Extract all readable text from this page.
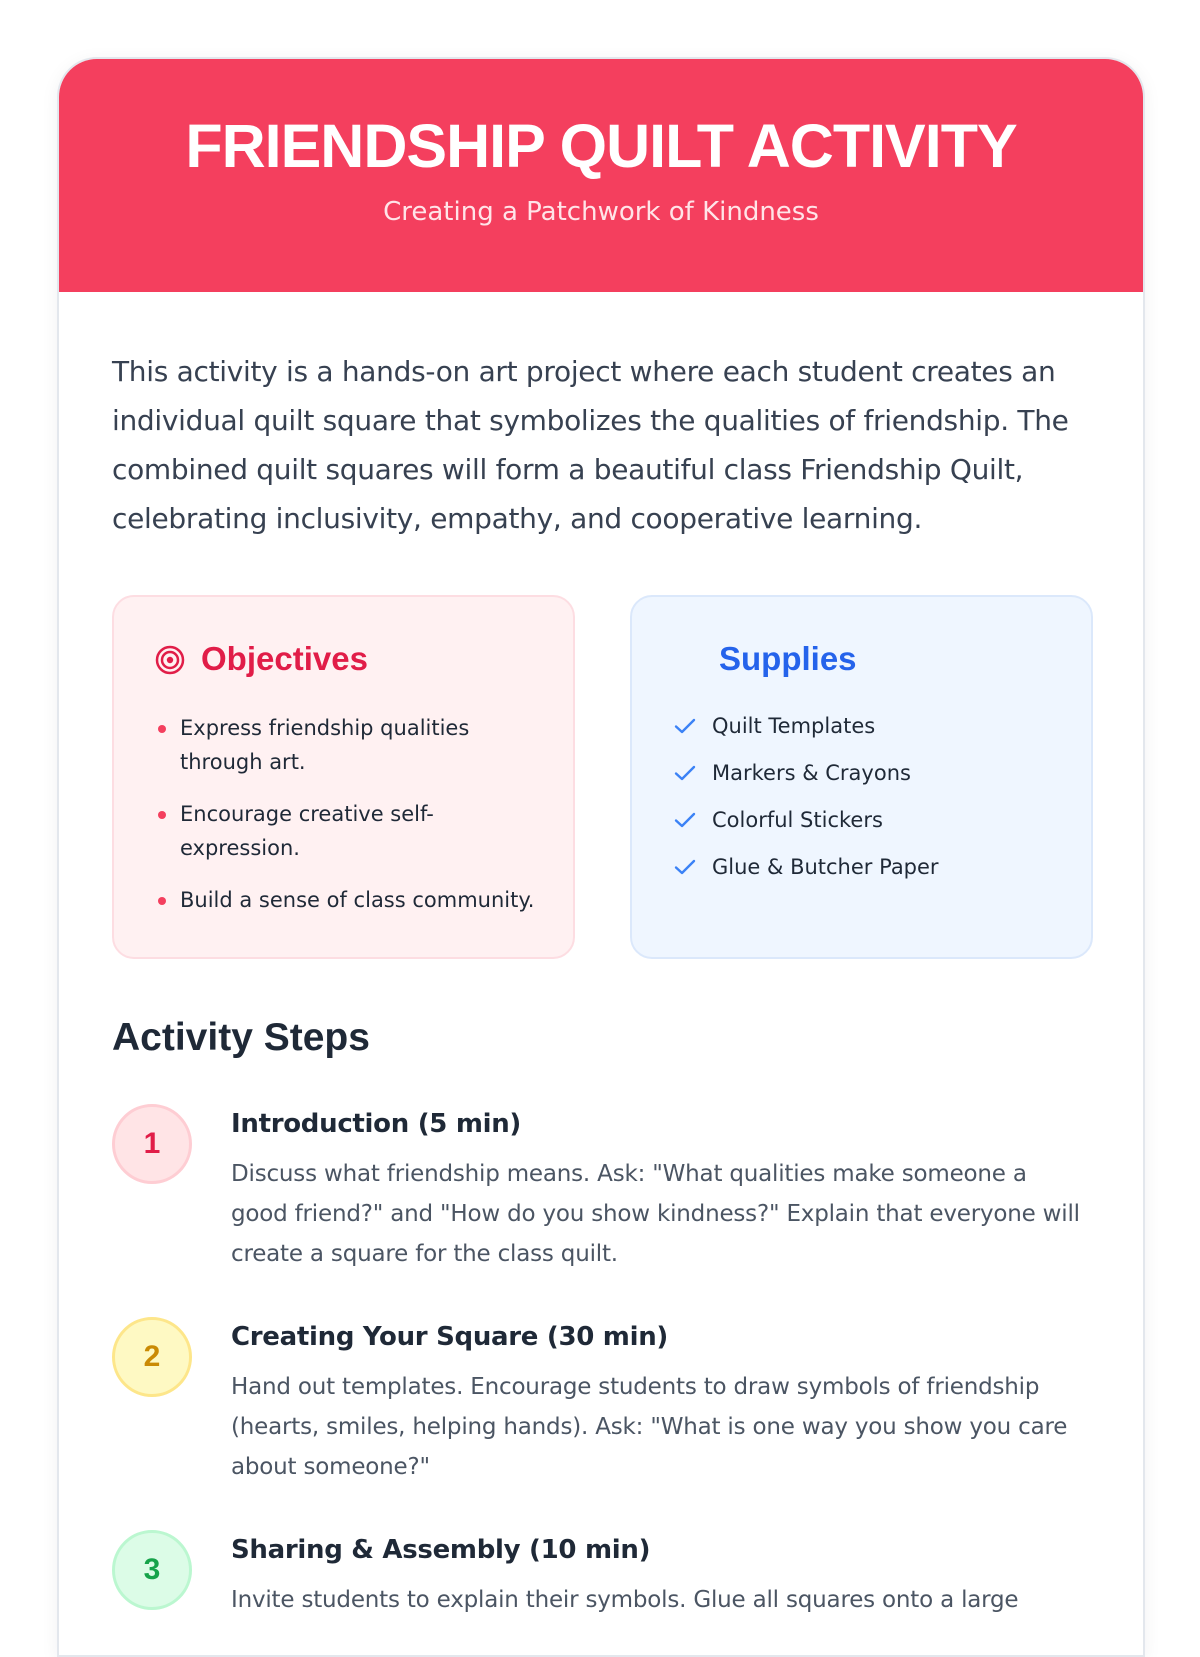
FRIENDSHIP QUILT ACTIVITY
Creating a Patchwork of Kindness

This activity is a hands-on art project where each student creates an individual quilt square that symbolizes the qualities of friendship. The combined quilt squares will form a beautiful class Friendship Quilt, celebrating inclusivity, empathy, and cooperative learning.

Objectives
Express friendship qualities through art.
Encourage creative self-expression.
Build a sense of class community.
Supplies
Quilt Templates
Markers & Crayons
Colorful Stickers
Glue & Butcher Paper
Activity Steps
1
Introduction (5 min)
Discuss what friendship means. Ask: "What qualities make someone a good friend?" and "How do you show kindness?" Explain that everyone will create a square for the class quilt.
2
Creating Your Square (30 min)
Hand out templates. Encourage students to draw symbols of friendship (hearts, smiles, helping hands). Ask: "What is one way you show you care about someone?"
3
Sharing & Assembly (10 min)
Invite students to explain their symbols. Glue all squares onto a large
